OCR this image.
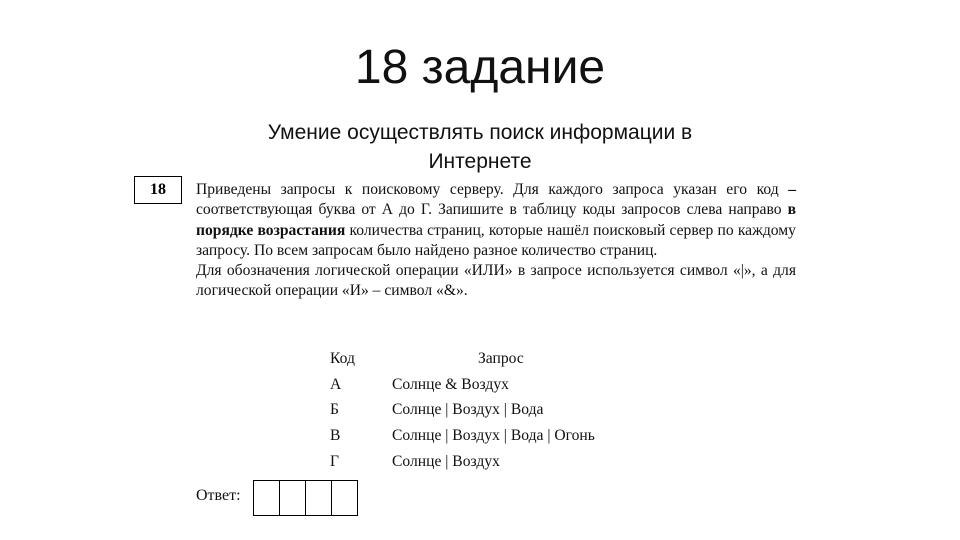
18 задание
Умение осуществлять поиск информации в Интернете
18	Приведены запросы к поисковому серверу. Для каждого запроса указан его код – соответствующая буква от А до Г. Запишите в таблицу коды запросов слева направо в порядке возрастания количества страниц, которые нашёл поисковый сервер по каждому запросу. По всем запросам было найдено разное количество страниц.

Для обозначения логической операции «ИЛИ» в запросе используется символ «|», а для логической операции «И» – символ «&».

Код	Запрос
А	Солнце & Воздух
Б	Солнце | Воздух | Вода
В	Солнце | Воздух | Вода | Огонь
Г	Солнце | Воздух
Ответ:
